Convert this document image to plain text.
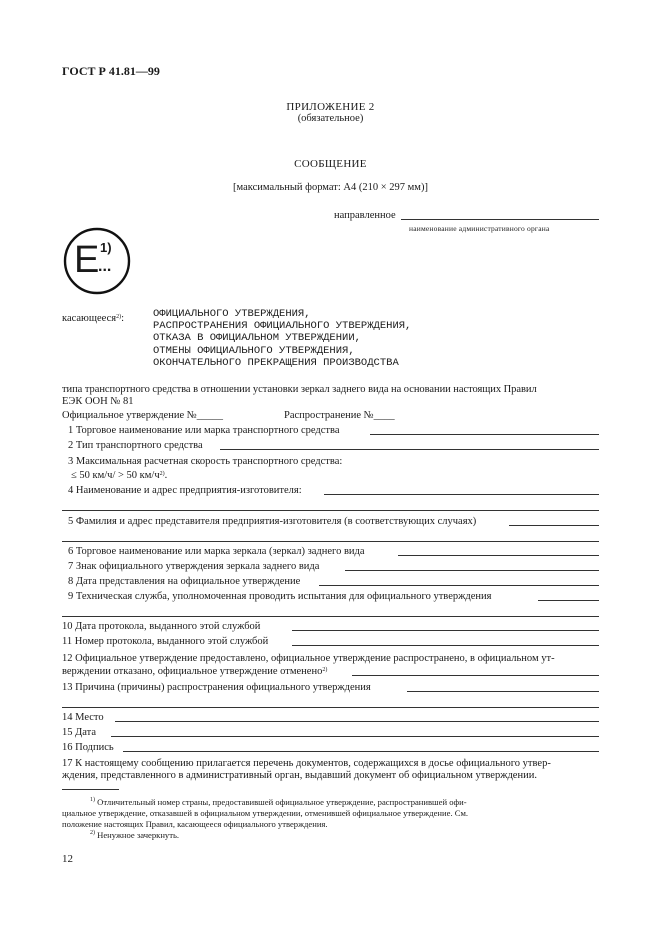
ГОСТ Р 41.81—99
ПРИЛОЖЕНИЕ 2
(обязательное)
СООБЩЕНИЕ
[максимальный формат: А4 (210 × 297 мм)]
направленное
наименование административного органа
E
...
1)
касающееся$^{2)}$:	ОФИЦИАЛЬНОГО УТВЕРЖДЕНИЯ,
РАСПРОСТРАНЕНИЯ ОФИЦИАЛЬНОГО УТВЕРЖДЕНИЯ,
ОТКАЗА В ОФИЦИАЛЬНОМ УТВЕРЖДЕНИИ,
ОТМЕНЫ ОФИЦИАЛЬНОГО УТВЕРЖДЕНИЯ,
ОКОНЧАТЕЛЬНОГО ПРЕКРАЩЕНИЯ ПРОИЗВОДСТВА
типа транспортного средства в отношении установки зеркал заднего вида на основании настоящих Правил
ЕЭК ООН № 81
Официальное утверждение №_____	Распространение №____
1 Торговое наименование или марка транспортного средства
2 Тип транспортного средства
3 Максимальная расчетная скорость транспортного средства:
≤ 50 км/ч/ > 50 $км/ч^{2)}$.
4 Наименование и адрес предприятия-изготовителя:
5 Фамилия и адрес представителя предприятия-изготовителя (в соответствующих случаях)
6 Торговое наименование или марка зеркала (зеркал) заднего вида
7 Знак официального утверждения зеркала заднего вида
8 Дата представления на официальное утверждение
9 Техническая служба, уполномоченная проводить испытания для официального утверждения
10 Дата протокола, выданного этой службой
11 Номер протокола, выданного этой службой
12 Официальное утверждение предоставлено, официальное утверждение распространено, в официальном ут-
верждении отказано, официальное утверждение отменено$^{2)}$
13 Причина (причины) распространения официального утверждения
14 Место
15 Дата
16 Подпись
17 К настоящему сообщению прилагается перечень документов, содержащихся в досье официального утвер-
ждения, представленного в административный орган, выдавший документ об официальном утверждении.
$^{1)}$ Отличительный номер страны, предоставившей официальное утверждение, распространившей офи-
циальное утверждение, отказавшей в официальном утверждении, отменившей официальное утверждение. См.
положение настоящих Правил, касающееся официального утверждения.
$^{2)}$ Ненужное зачеркнуть.
12
